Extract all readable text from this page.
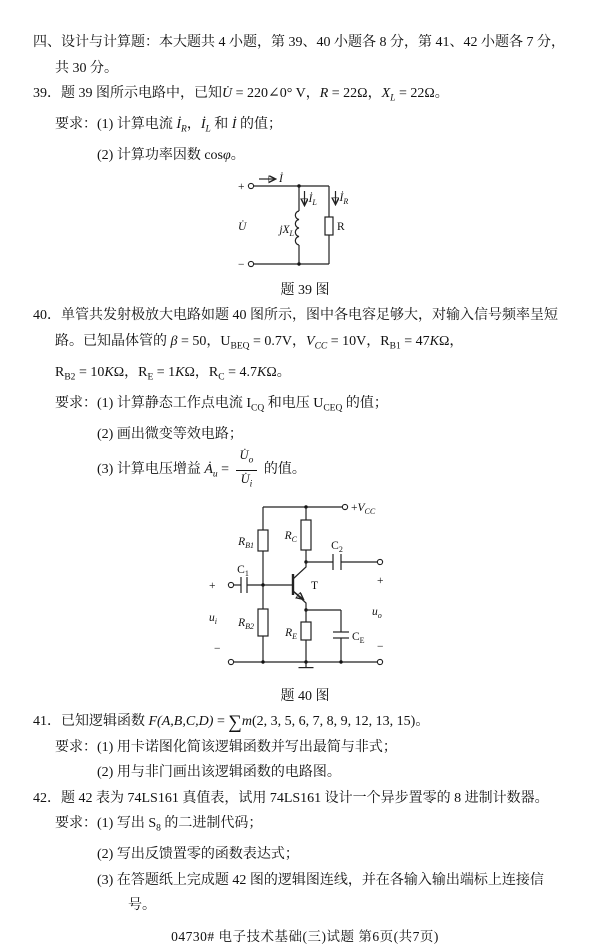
四、设计与计算题：本大题共 4 小题，第 39、40 小题各 8 分，第 41、42 小题各 7 分，
共 30 分。
39．题 39 图所示电路中，已知U̇ = 220∠0° V，R = 22Ω，$X_L = 22\Omega$。
要求：(1) 计算电流 $İ_R$，$İ_L$ 和 İ 的值；
(2) 计算功率因数 cosφ。
+
−
U̇
İ
$İ_L$
$jX_L$
$İ_R$
R
题 39 图
40．单管共发射极放大电路如题 40 图所示，图中各电容足够大，对输入信号频率呈短
路。已知晶体管的 β = 50，$U_{BEQ} = 0.7V$，$V_{CC} = 10V$，$R_{B1} = 47K\Omega$，
$R_{B2} = 10K\Omega$，$R_E = 1K\Omega$，$R_C = 4.7K\Omega$。
要求：(1) 计算静态工作点电流 $I_{CQ}$ 和电压 $U_{CEQ}$ 的值；
(2) 画出微变等效电路；
(3) 计算电压增益 $Ȧ_u = \frac{U̇_o}{U̇_i}$ 的值。
$+V_{CC}$
$R_{B1}$
$R_C$
$C_2$
+
+
$C_1$
$R_{B2}$
T
$R_E$	$C_E$
$u_i$
−
$u_o$
−
题 40 图
41．已知逻辑函数 F(A,B,C,D) = ∑m(2, 3, 5, 6, 7, 8, 9, 12, 13, 15)。
要求：(1) 用卡诺图化简该逻辑函数并写出最简与非式；
(2) 用与非门画出该逻辑函数的电路图。
42．题 42 表为 74LS161 真值表，试用 74LS161 设计一个异步置零的 8 进制计数器。
要求：(1) 写出 $S_8$ 的二进制代码；
(2) 写出反馈置零的函数表达式；
(3) 在答题纸上完成题 42 图的逻辑图连线，并在各输入输出端标上连接信
号。
04730# 电子技术基础(三)试题 第6页(共7页)
